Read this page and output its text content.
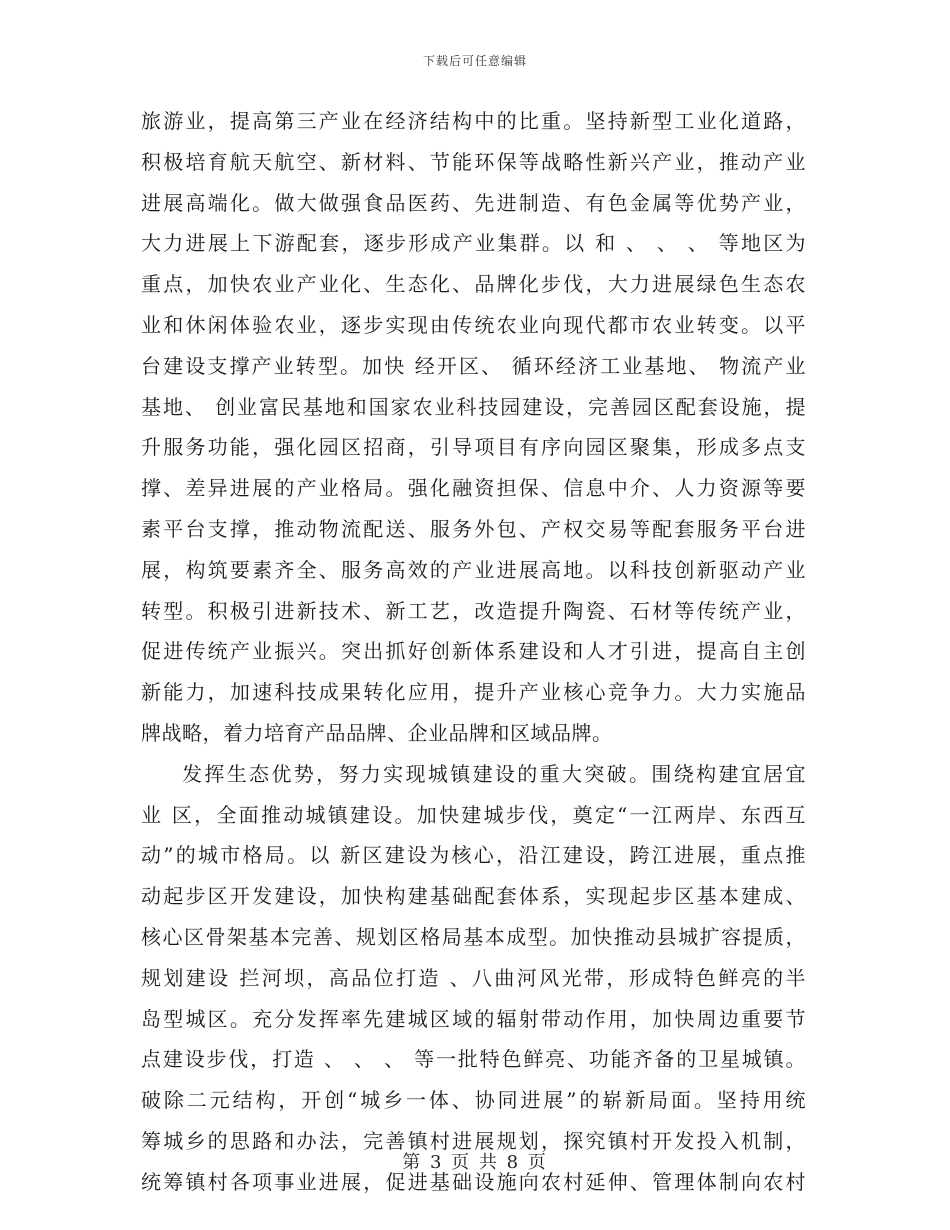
下载后可任意编辑
旅游业，提高第三产业在经济结构中的比重。坚持新型工业化道路，
积极培育航天航空、新材料、节能环保等战略性新兴产业，推动产业
进展高端化。做大做强食品医药、先进制造、有色金属等优势产业，
大力进展上下游配套，逐步形成产业集群。以 和 、 、 、 等地区为
重点，加快农业产业化、生态化、品牌化步伐，大力进展绿色生态农
业和休闲体验农业，逐步实现由传统农业向现代都市农业转变。以平
台建设支撑产业转型。加快 经开区、 循环经济工业基地、 物流产业
基地、 创业富民基地和国家农业科技园建设，完善园区配套设施，提
升服务功能，强化园区招商，引导项目有序向园区聚集，形成多点支
撑、差异进展的产业格局。强化融资担保、信息中介、人力资源等要
素平台支撑，推动物流配送、服务外包、产权交易等配套服务平台进
展，构筑要素齐全、服务高效的产业进展高地。以科技创新驱动产业
转型。积极引进新技术、新工艺，改造提升陶瓷、石材等传统产业，
促进传统产业振兴。突出抓好创新体系建设和人才引进，提高自主创
新能力，加速科技成果转化应用，提升产业核心竞争力。大力实施品
牌战略，着力培育产品品牌、企业品牌和区域品牌。
发挥生态优势，努力实现城镇建设的重大突破。围绕构建宜居宜
业 区，全面推动城镇建设。加快建城步伐，奠定“一江两岸、东西互
动”的城市格局。以 新区建设为核心，沿江建设，跨江进展，重点推
动起步区开发建设，加快构建基础配套体系，实现起步区基本建成、
核心区骨架基本完善、规划区格局基本成型。加快推动县城扩容提质，
规划建设 拦河坝，高品位打造 、八曲河风光带，形成特色鲜亮的半
岛型城区。充分发挥率先建城区域的辐射带动作用，加快周边重要节
点建设步伐，打造 、 、 、 等一批特色鲜亮、功能齐备的卫星城镇。
破除二元结构，开创“城乡一体、协同进展”的崭新局面。坚持用统
筹城乡的思路和办法，完善镇村进展规划，探究镇村开发投入机制，
统筹镇村各项事业进展，促进基础设施向农村延伸、管理体制向农村
第 3 页 共 8 页
